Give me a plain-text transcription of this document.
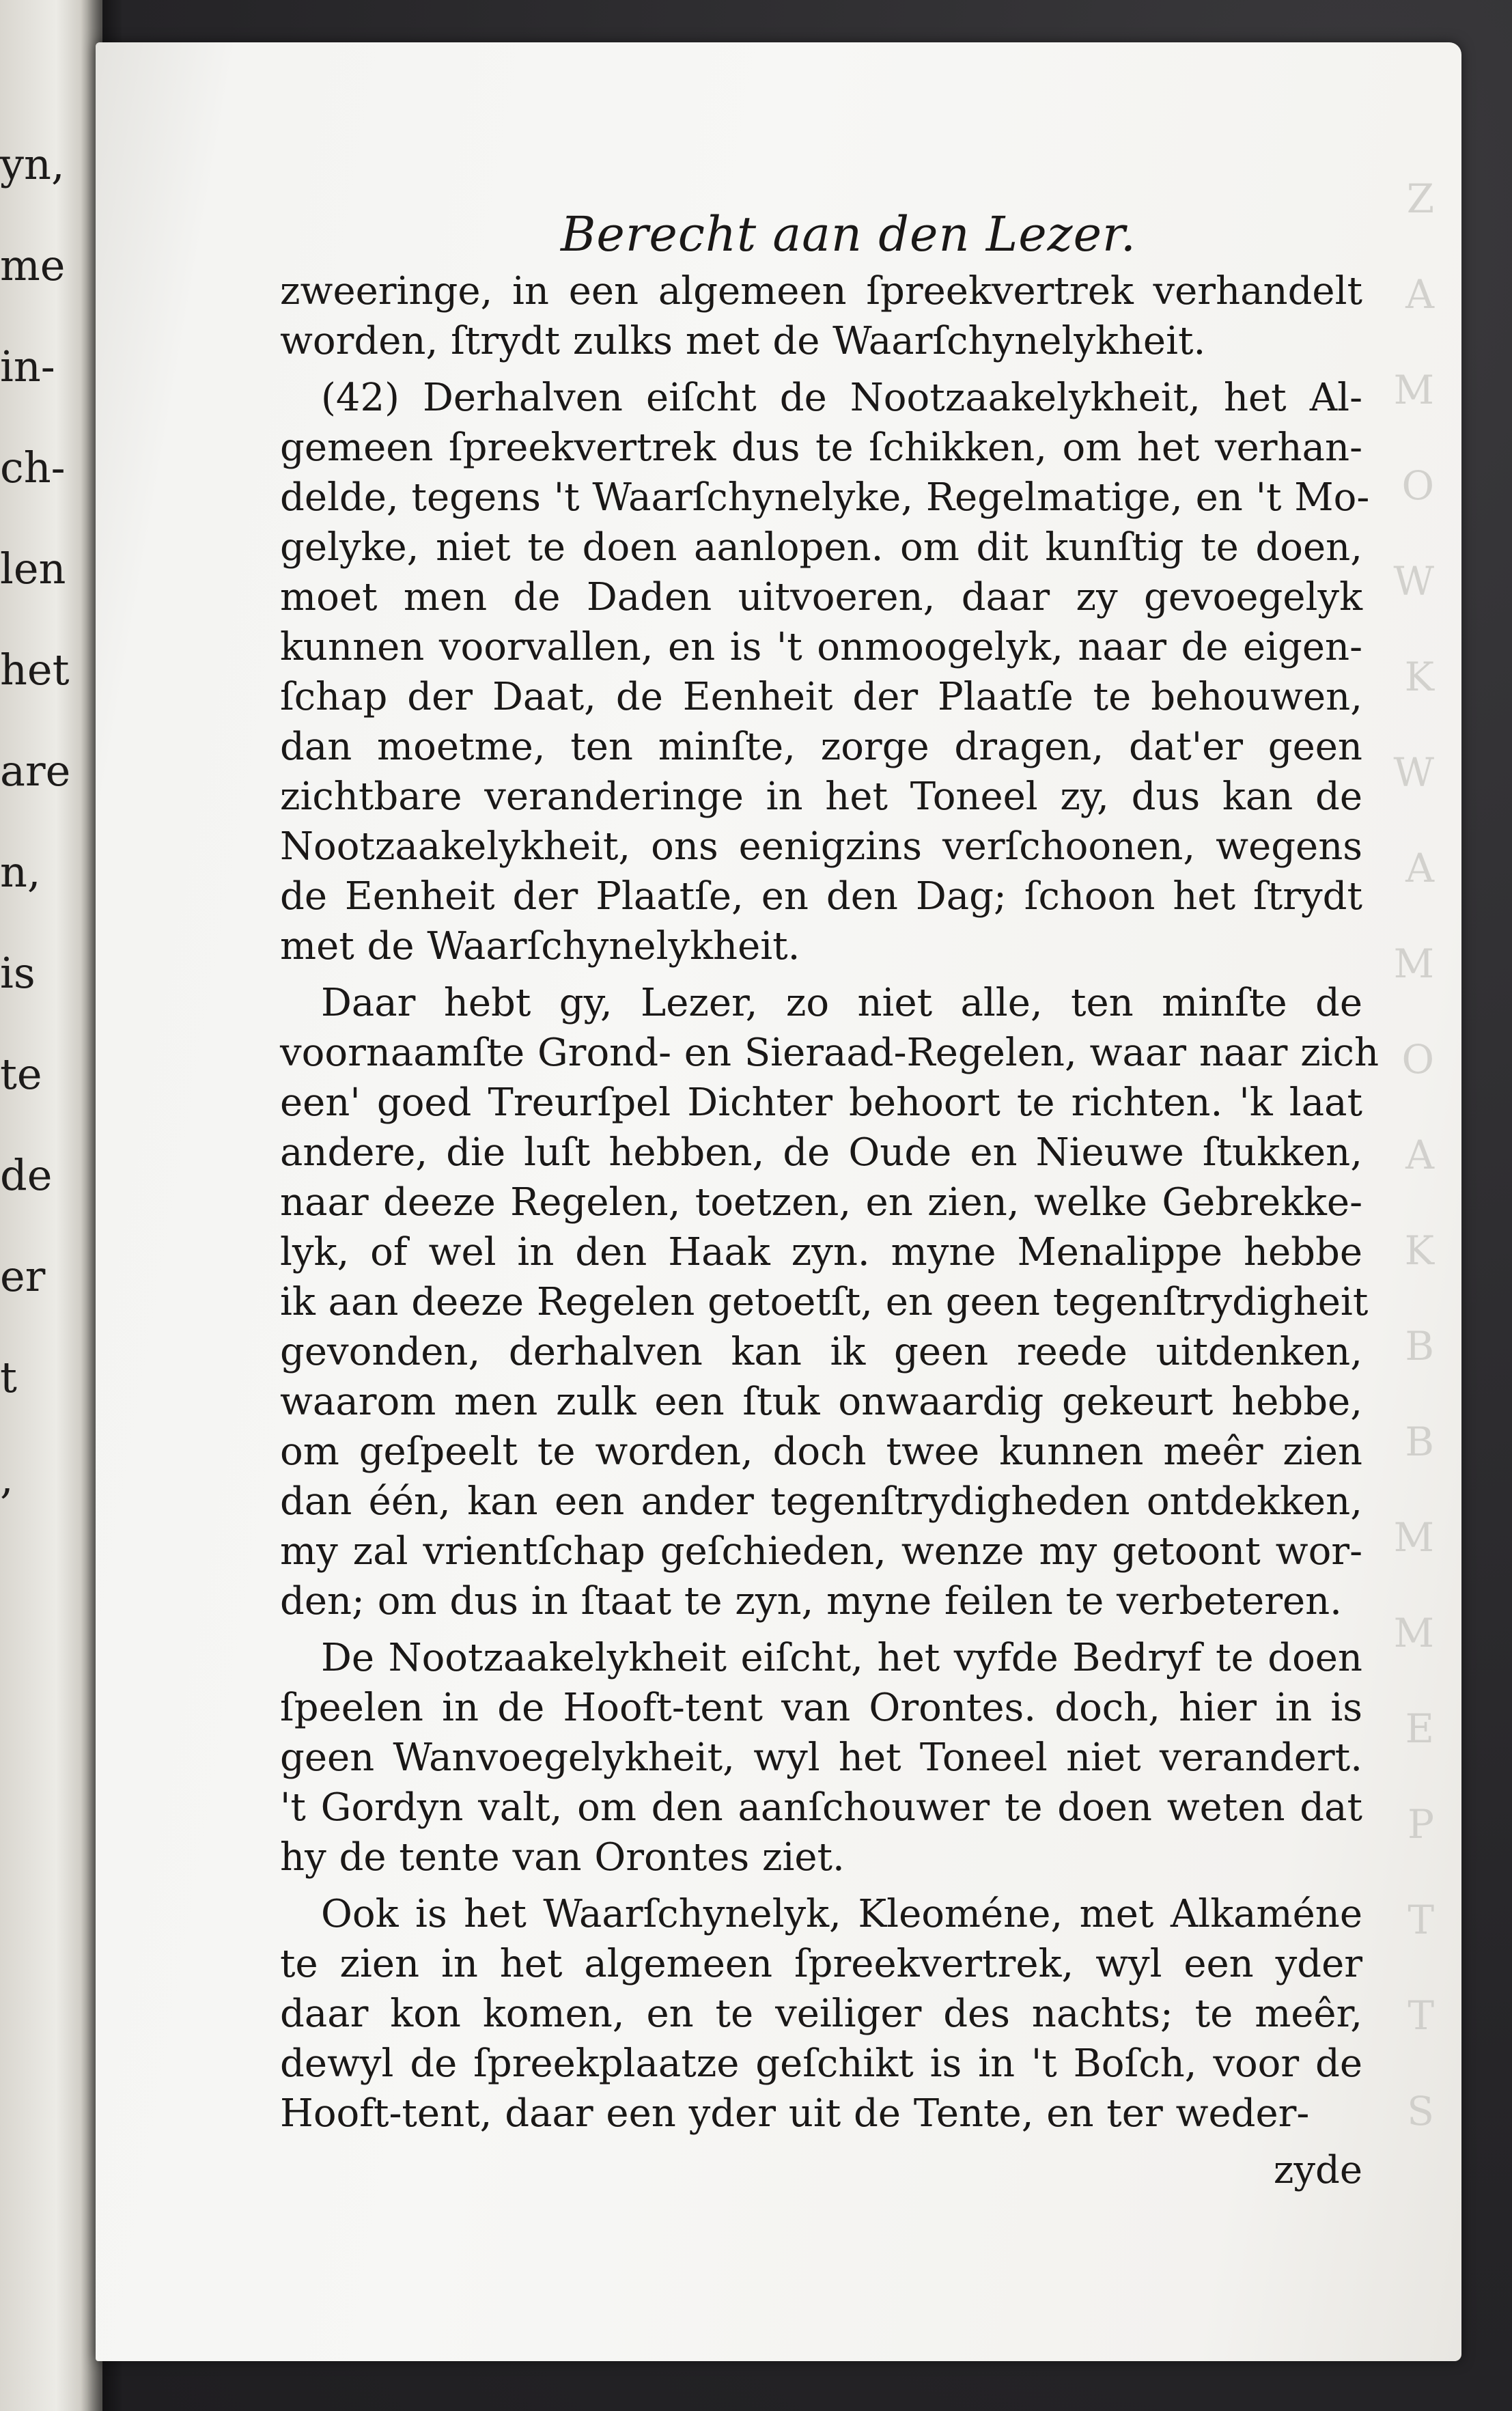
yn,
me
in-
ch-
len
het
are
n,
is
te
de
er
t
,
Z
A
M
O
W
K
W
A
M
O
A
K
B
B
M
M
E
P
T
T
S
Berecht aan den Lezer.
zweeringe, in een algemeen ſpreekvertrek verhandelt
worden, ſtrydt zulks met de Waarſchynelykheit.
(42) Derhalven eiſcht de Nootzaakelykheit, het Al-
gemeen ſpreekvertrek dus te ſchikken, om het verhan-
delde, tegens 't Waarſchynelyke, Regelmatige, en 't Mo-
gelyke, niet te doen aanlopen. om dit kunſtig te doen,
moet men de Daden uitvoeren, daar zy gevoegelyk
kunnen voorvallen, en is 't onmoogelyk, naar de eigen-
ſchap der Daat, de Eenheit der Plaatſe te behouwen,
dan moetme, ten minſte, zorge dragen, dat'er geen
zichtbare veranderinge in het Toneel zy, dus kan de
Nootzaakelykheit, ons eenigzins verſchoonen, wegens
de Eenheit der Plaatſe, en den Dag; ſchoon het ſtrydt
met de Waarſchynelykheit.
Daar hebt gy, Lezer, zo niet alle, ten minſte de
voornaamſte Grond- en Sieraad-Regelen, waar naar zich
een' goed Treurſpel Dichter behoort te richten. 'k laat
andere, die luſt hebben, de Oude en Nieuwe ſtukken,
naar deeze Regelen, toetzen, en zien, welke Gebrekke-
lyk, of wel in den Haak zyn. myne Menalippe hebbe
ik aan deeze Regelen getoetſt, en geen tegenſtrydigheit
gevonden, derhalven kan ik geen reede uitdenken,
waarom men zulk een ſtuk onwaardig gekeurt hebbe,
om geſpeelt te worden, doch twee kunnen meêr zien
dan één, kan een ander tegenſtrydigheden ontdekken,
my zal vrientſchap geſchieden, wenze my getoont wor-
den; om dus in ſtaat te zyn, myne feilen te verbeteren.
De Nootzaakelykheit eiſcht, het vyfde Bedryf te doen
ſpeelen in de Hooft-tent van Orontes. doch, hier in is
geen Wanvoegelykheit, wyl het Toneel niet verandert.
't Gordyn valt, om den aanſchouwer te doen weten dat
hy de tente van Orontes ziet.
Ook is het Waarſchynelyk, Kleoméne, met Alkaméne
te zien in het algemeen ſpreekvertrek, wyl een yder
daar kon komen, en te veiliger des nachts; te meêr,
dewyl de ſpreekplaatze geſchikt is in 't Boſch, voor de
Hooft-tent, daar een yder uit de Tente, en ter weder-
zyde
